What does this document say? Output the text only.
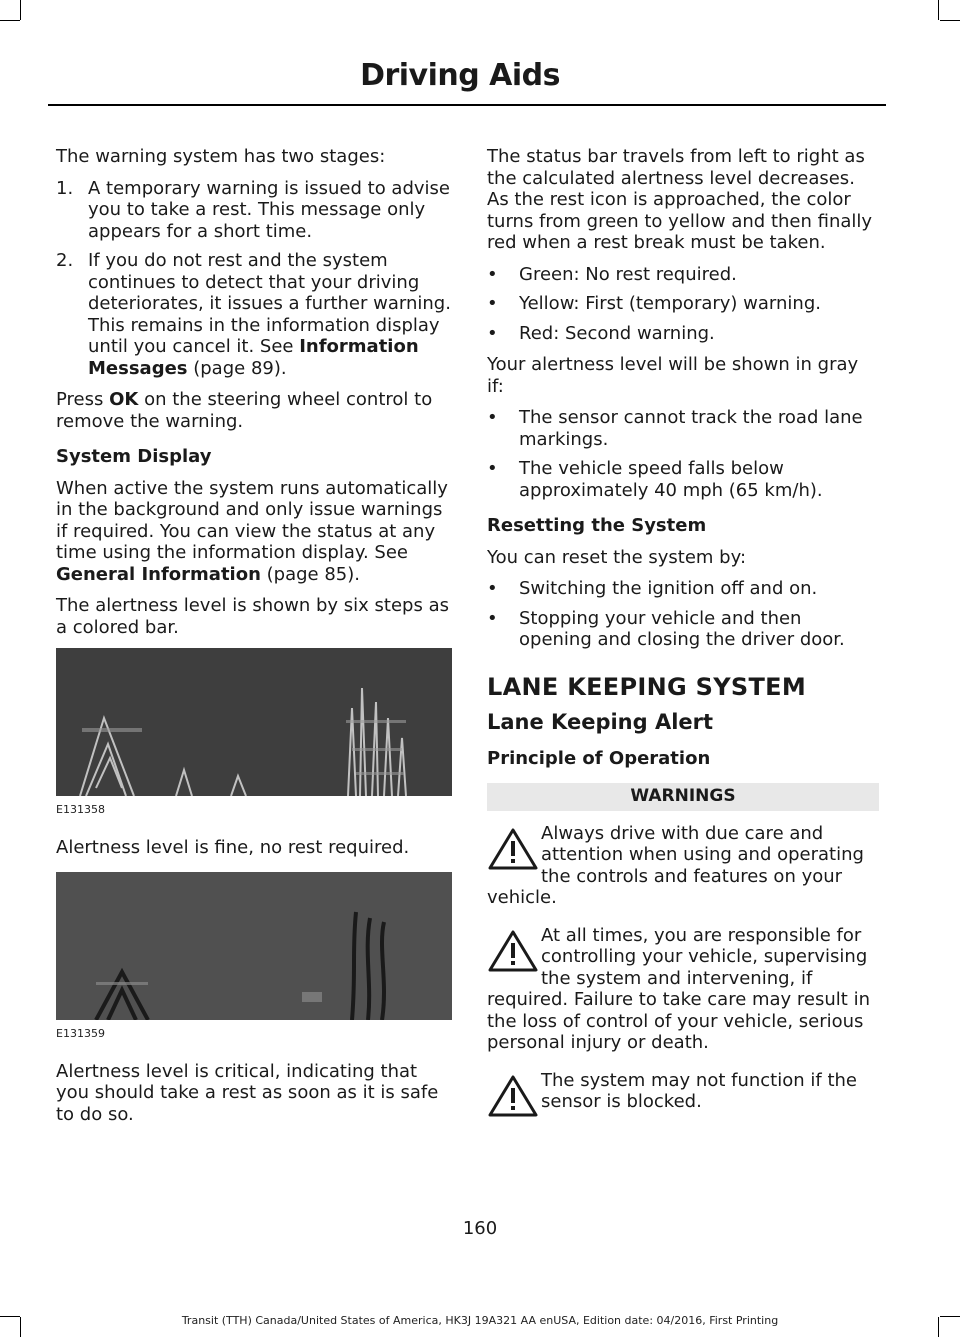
Driving Aids

The warning system has two stages:

1. A temporary warning is issued to advise you to take a rest. This message only appears for a short time.
2. If you do not rest and the system continues to detect that your driving deteriorates, it issues a further warning. This remains in the information display until you cancel it. See Information Messages (page 89).

Press OK on the steering wheel control to remove the warning.

System Display

When active the system runs automatically in the background and only issue warnings if required. You can view the status at any time using the information display. See General Information (page 85).

The alertness level is shown by six steps as a colored bar.

E131358

Alertness level is fine, no rest required.

E131359

Alertness level is critical, indicating that you should take a rest as soon as it is safe to do so.

The status bar travels from left to right as the calculated alertness level decreases. As the rest icon is approached, the color turns from green to yellow and then finally red when a rest break must be taken.

• Green: No rest required.
• Yellow: First (temporary) warning.
• Red: Second warning.

Your alertness level will be shown in gray if:

• The sensor cannot track the road lane markings.
• The vehicle speed falls below approximately 40 mph (65 km/h).

Resetting the System

You can reset the system by:

• Switching the ignition off and on.
• Stopping your vehicle and then opening and closing the driver door.
LANE KEEPING SYSTEM
Lane Keeping Alert

Principle of Operation

WARNINGS
Always drive with due care and attention when using and operating the controls and features on your vehicle.
At all times, you are responsible for controlling your vehicle, supervising the system and intervening, if required. Failure to take care may result in the loss of control of your vehicle, serious personal injury or death.
The system may not function if the sensor is blocked.
160
Transit (TTH) Canada/United States of America, HK3J 19A321 AA enUSA, Edition date: 04/2016, First Printing
